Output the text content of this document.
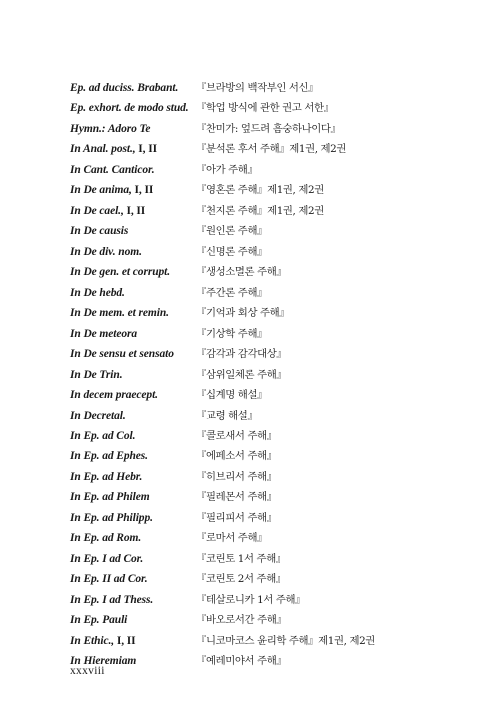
Ep. ad duciss. Brabant.	『브라방의 백작부인 서신』
Ep. exhort. de modo stud. 『학업 방식에 관한 권고 서한』
Hymn.: Adoro Te	『찬미가: 엎드려 흠숭하나이다』
In Anal. post., I, II	『분석론 후서 주해』제1권, 제2권
In Cant. Canticor.	『아가 주해』
In De anima, I, II	『영혼론 주해』제1권, 제2권
In De cael., I, II	『천지론 주해』제1권, 제2권
In De causis	『원인론 주해』
In De div. nom.	『신명론 주해』
In De gen. et corrupt.	『생성소멸론 주해』
In De hebd.	『주간론 주해』
In De mem. et remin.	『기억과 회상 주해』
In De meteora	『기상학 주해』
In De sensu et sensato	『감각과 감각대상』
In De Trin.	『삼위일체론 주해』
In decem praecept.	『십계명 해설』
In Decretal.	『교령 해설』
In Ep. ad Col.	『콜로새서 주해』
In Ep. ad Ephes.	『에페소서 주해』
In Ep. ad Hebr.	『히브리서 주해』
In Ep. ad Philem	『필레몬서 주해』
In Ep. ad Philipp.	『필리피서 주해』
In Ep. ad Rom.	『로마서 주해』
In Ep. I ad Cor.	『코린토 1서 주해』
In Ep. II ad Cor.	『코린토 2서 주해』
In Ep. I ad Thess.	『테살로니카 1서 주해』
In Ep. Pauli	『바오로서간 주해』
In Ethic., I, II	『니코마코스 윤리학 주해』제1권, 제2권
In Hieremiam	『예레미야서 주해』
xxxviii
